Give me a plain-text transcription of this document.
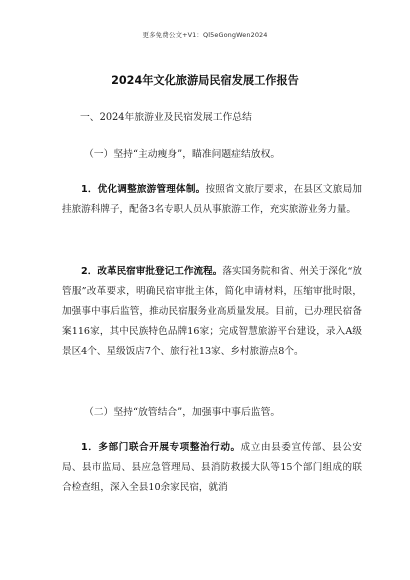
更多免费公文+V1：Ql5eGongWen2024
2024年文化旅游局民宿发展工作报告
一、2024年旅游业及民宿发展工作总结
（一）坚持“主动瘦身”，瞄准问题症结放权。
1．优化调整旅游管理体制。按照省文旅厅要求，在县区文旅局加挂旅游科牌子，配备3名专职人员从事旅游工作，充实旅游业务力量。
2．改革民宿审批登记工作流程。落实国务院和省、州关于深化“放管服”改革要求，明确民宿审批主体，简化申请材料，压缩审批时限，加强事中事后监管，推动民宿服务业高质量发展。目前，已办理民宿备案116家，其中民族特色品牌16家；完成智慧旅游平台建设，录入A级景区4个、星级饭店7个、旅行社13家、乡村旅游点8个。
（二）坚持“放管结合”，加强事中事后监管。
1．多部门联合开展专项整治行动。成立由县委宣传部、县公安局、县市监局、县应急管理局、县消防救援大队等15个部门组成的联合检查组，深入全县10余家民宿，就消
